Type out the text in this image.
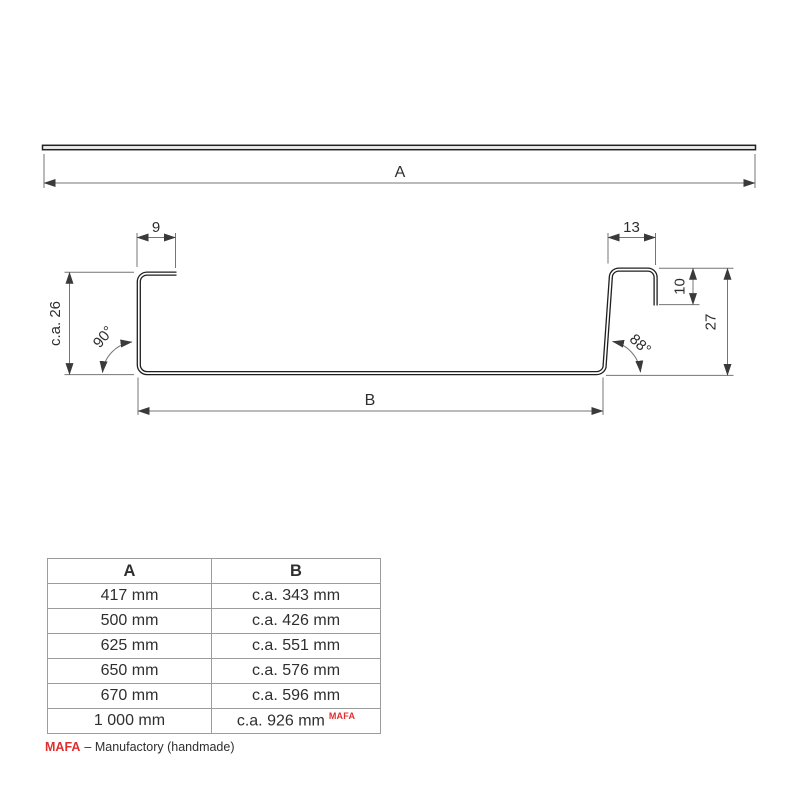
A
9	13
c.a. 26 90°
B
88°
10
27
A	B
417 mm	c.a. 343 mm
500 mm	c.a. 426 mm
625 mm	c.a. 551 mm
650 mm	c.a. 576 mm
670 mm	c.a. 596 mm
1 000 mm	c.a. 926 mm $^{MAFA}$
MAFA – Manufactory (handmade)
